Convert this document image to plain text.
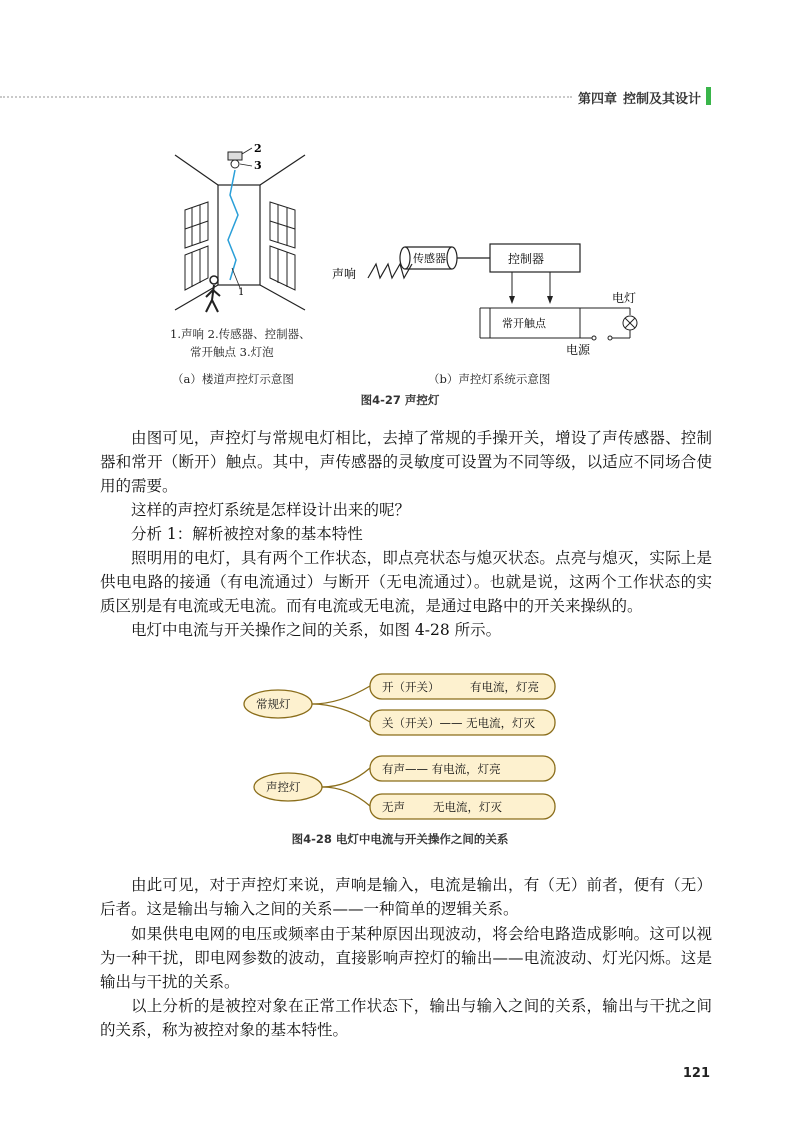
第四章 控制及其设计
2
3
1
1.声响 2.传感器、控制器、
常开触点 3.灯泡
（a）楼道声控灯示意图
声响
传感器	控制器
常开触点
电灯
电源
（b）声控灯系统示意图
图4-27 声控灯
由图可见，声控灯与常规电灯相比，去掉了常规的手操开关，增设了声传感器、控制器和常开（断开）触点。其中，声传感器的灵敏度可设置为不同等级，以适应不同场合使用的需要。
这样的声控灯系统是怎样设计出来的呢？
分析 1：解析被控对象的基本特性
照明用的电灯，具有两个工作状态，即点亮状态与熄灭状态。点亮与熄灭，实际上是供电电路的接通（有电流通过）与断开（无电流通过）。也就是说，这两个工作状态的实质区别是有电流或无电流。而有电流或无电流，是通过电路中的开关来操纵的。
电灯中电流与开关操作之间的关系，如图 4-28 所示。
常规灯
声控灯
开（开关）	有电流，灯亮
关（开关）—— 无电流，灯灭
有声—— 有电流，灯亮
无声 无电流，灯灭
图4-28 电灯中电流与开关操作之间的关系
由此可见，对于声控灯来说，声响是输入，电流是输出，有（无）前者，便有（无）后者。这是输出与输入之间的关系——一种简单的逻辑关系。
如果供电电网的电压或频率由于某种原因出现波动，将会给电路造成影响。这可以视为一种干扰，即电网参数的波动，直接影响声控灯的输出——电流波动、灯光闪烁。这是输出与干扰的关系。
以上分析的是被控对象在正常工作状态下，输出与输入之间的关系，输出与干扰之间的关系，称为被控对象的基本特性。
121
